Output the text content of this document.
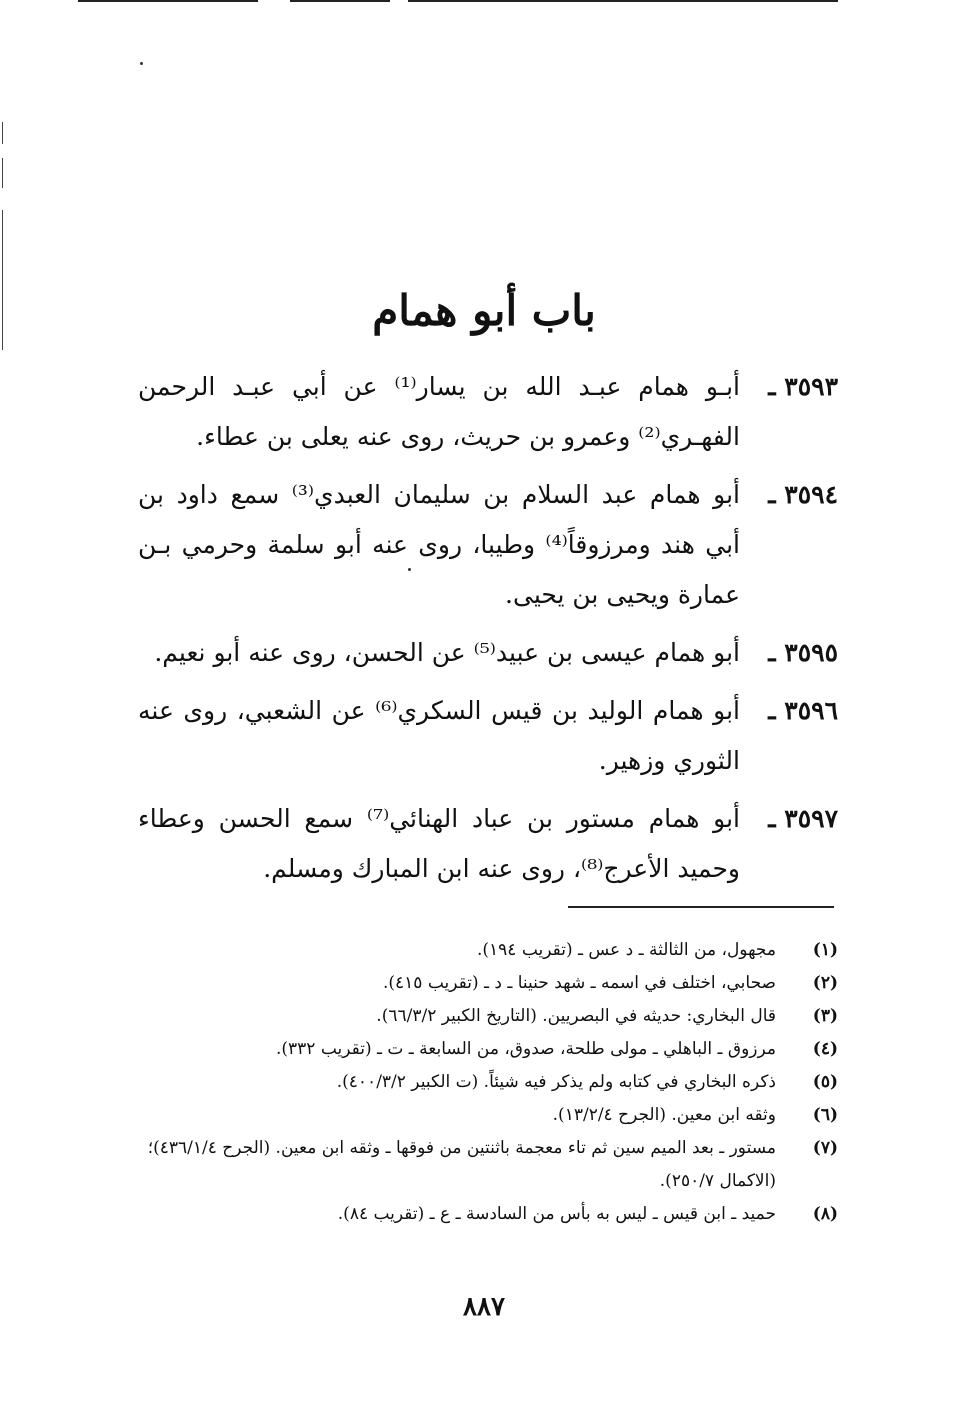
باب أبو همام
٣٥٩٣ ـ
أبـو همام عبـد الله بن يسار⁽¹⁾ عن أبي عبـد الرحمن الفهـري⁽²⁾ وعمرو بن حريث، روى عنه يعلى بن عطاء.
٣٥٩٤ ـ
أبو همام عبد السلام بن سليمان العبدي⁽³⁾ سمع داود بن أبي هند ومرزوقاً⁽⁴⁾ وطيبا، روى عنه أبو سلمة وحرمي بـن عمارة ويحيى بن يحيى.
٣٥٩٥ ـ
أبو همام عيسى بن عبيد⁽⁵⁾ عن الحسن، روى عنه أبو نعيم.
٣٥٩٦ ـ
أبو همام الوليد بن قيس السكري⁽⁶⁾ عن الشعبي، روى عنه الثوري وزهير.
٣٥٩٧ ـ
أبو همام مستور بن عباد الهنائي⁽⁷⁾ سمع الحسن وعطاء وحميد الأعرج⁽⁸⁾، روى عنه ابن المبارك ومسلم.
(١)
مجهول، من الثالثة ـ د عس ـ (تقريب ١٩٤).
(٢)
صحابي، اختلف في اسمه ـ شهد حنينا ـ د ـ (تقريب ٤١٥).
(٣)
قال البخاري: حديثه في البصريين. (التاريخ الكبير ٦٦/٣/٢).
(٤)
مرزوق ـ الباهلي ـ مولى طلحة، صدوق، من السابعة ـ ت ـ (تقريب ٣٣٢).
(٥)
ذكره البخاري في كتابه ولم يذكر فيه شيئاً. (ت الكبير ٤٠٠/٣/٢).
(٦)
وثقه ابن معين. (الجرح ١٣/٢/٤).
(٧)
مستور ـ بعد الميم سين ثم تاء معجمة باثنتين من فوقها ـ وثقه ابن معين. (الجرح ٤٣٦/١/٤)؛ (الاكمال ٢٥٠/٧).
(٨)
حميد ـ ابن قيس ـ ليس به بأس من السادسة ـ ع ـ (تقريب ٨٤).
٨٨٧
